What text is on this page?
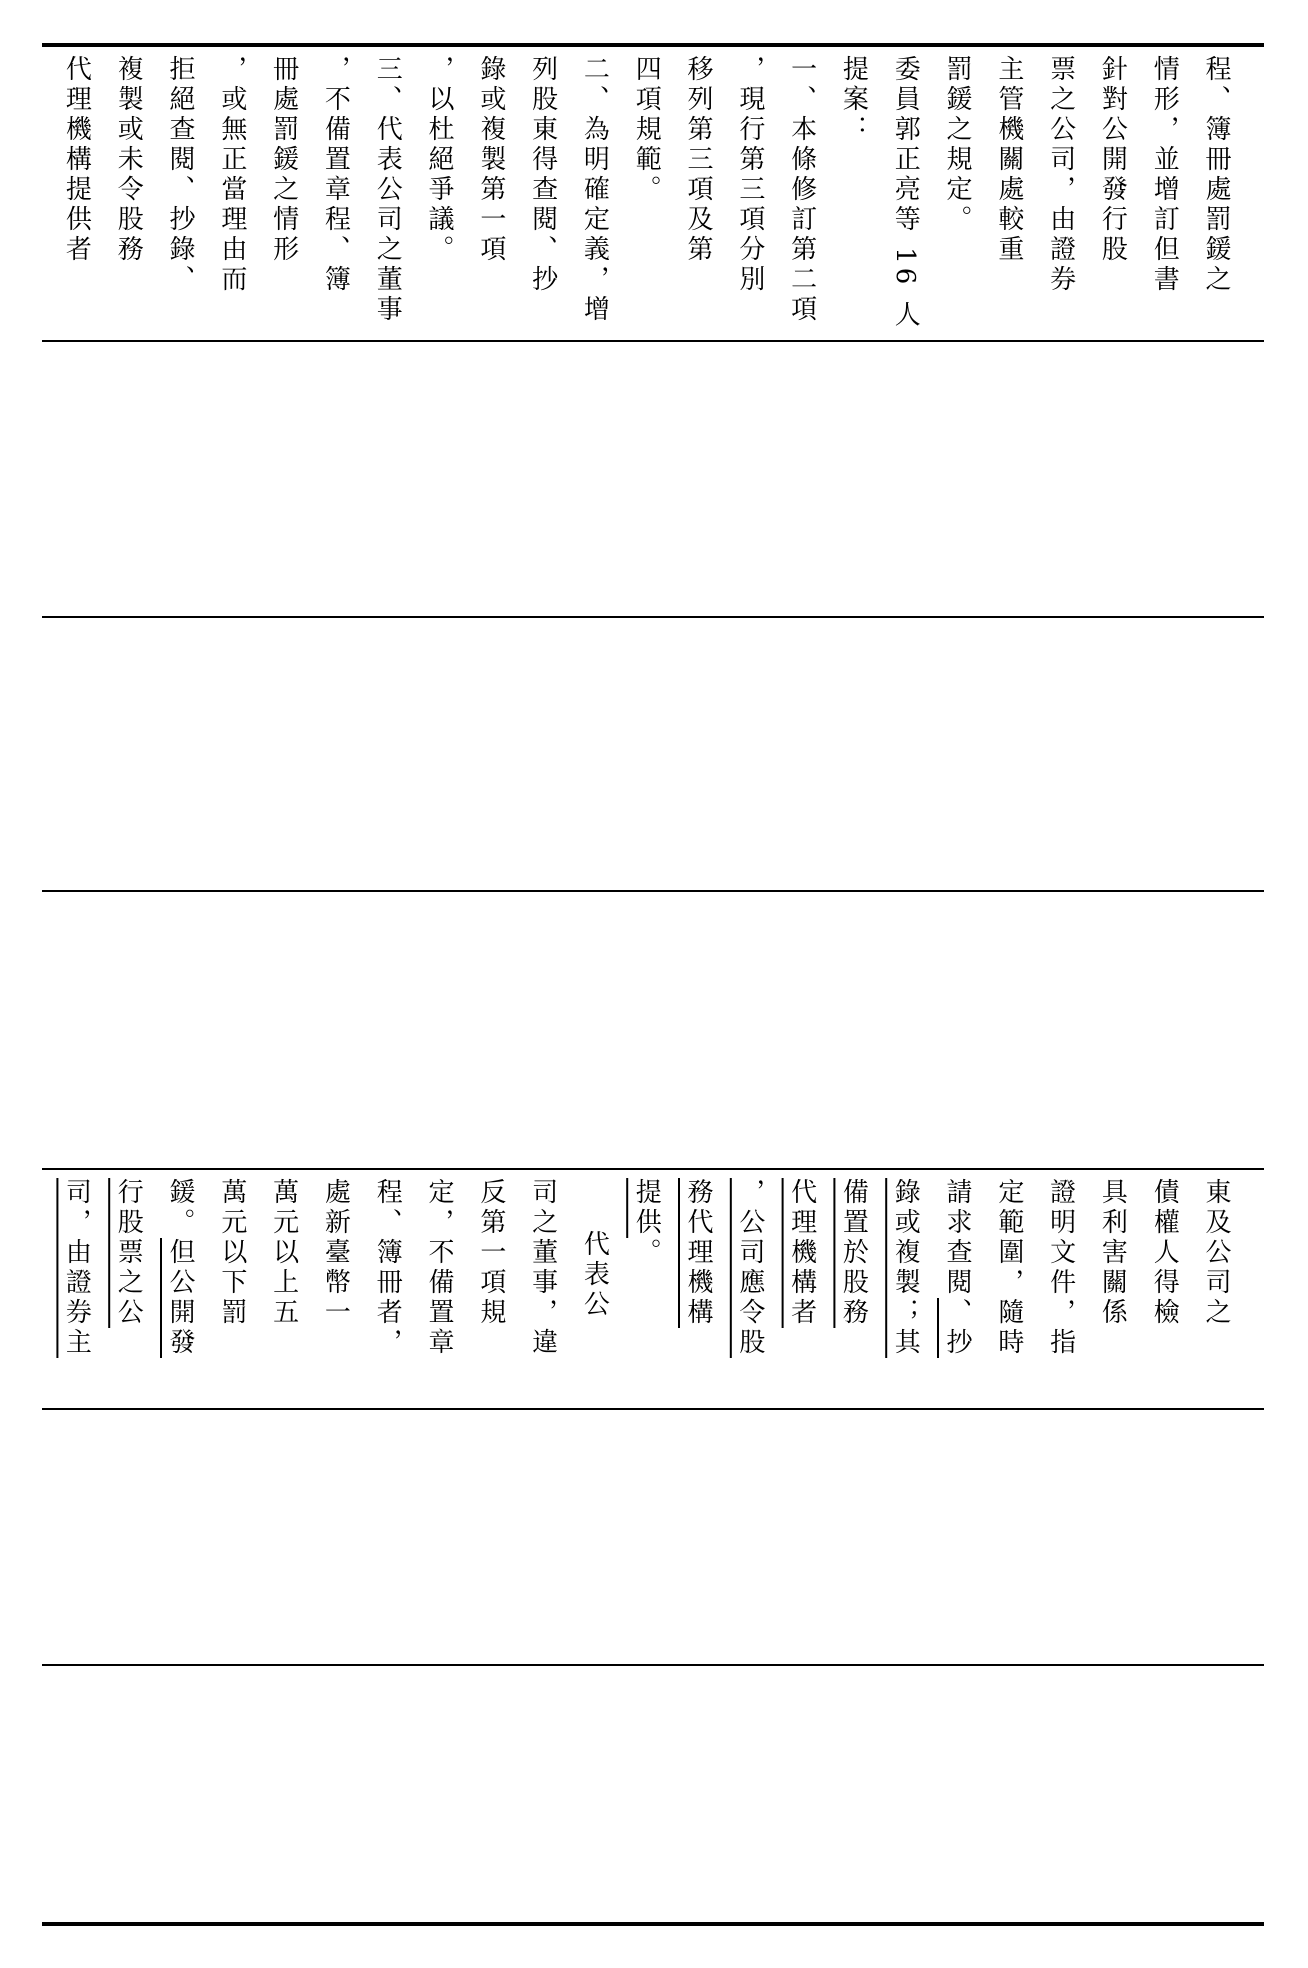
程、簿冊處罰鍰之
情形，並增訂但書
針對公開發行股
票之公司，由證券
主管機關處較重
罰鍰之規定。
委員郭正亮等 16 人
提案：
一、本條修訂第二項
，現行第三項分別
移列第三項及第
四項規範。
二、為明確定義，增
列股東得查閱、抄
錄或複製第一項
，以杜絕爭議。
三、代表公司之董事
，不備置章程、簿
冊處罰鍰之情形
，或無正當理由而
拒絕查閱、抄錄、
複製或未令股務
代理機構提供者
東及公司之
債權人得檢
具利害關係
證明文件，指
定範圍，隨時
請求查閱、抄
錄或複製；其
備置於股務
代理機構者
，公司應令股
務代理機構
提供。
代表公
司之董事，違
反第一項規
定，不備置章
程、簿冊者，
處新臺幣一
萬元以上五
萬元以下罰
鍰。但公開發
行股票之公
司，由證券主
